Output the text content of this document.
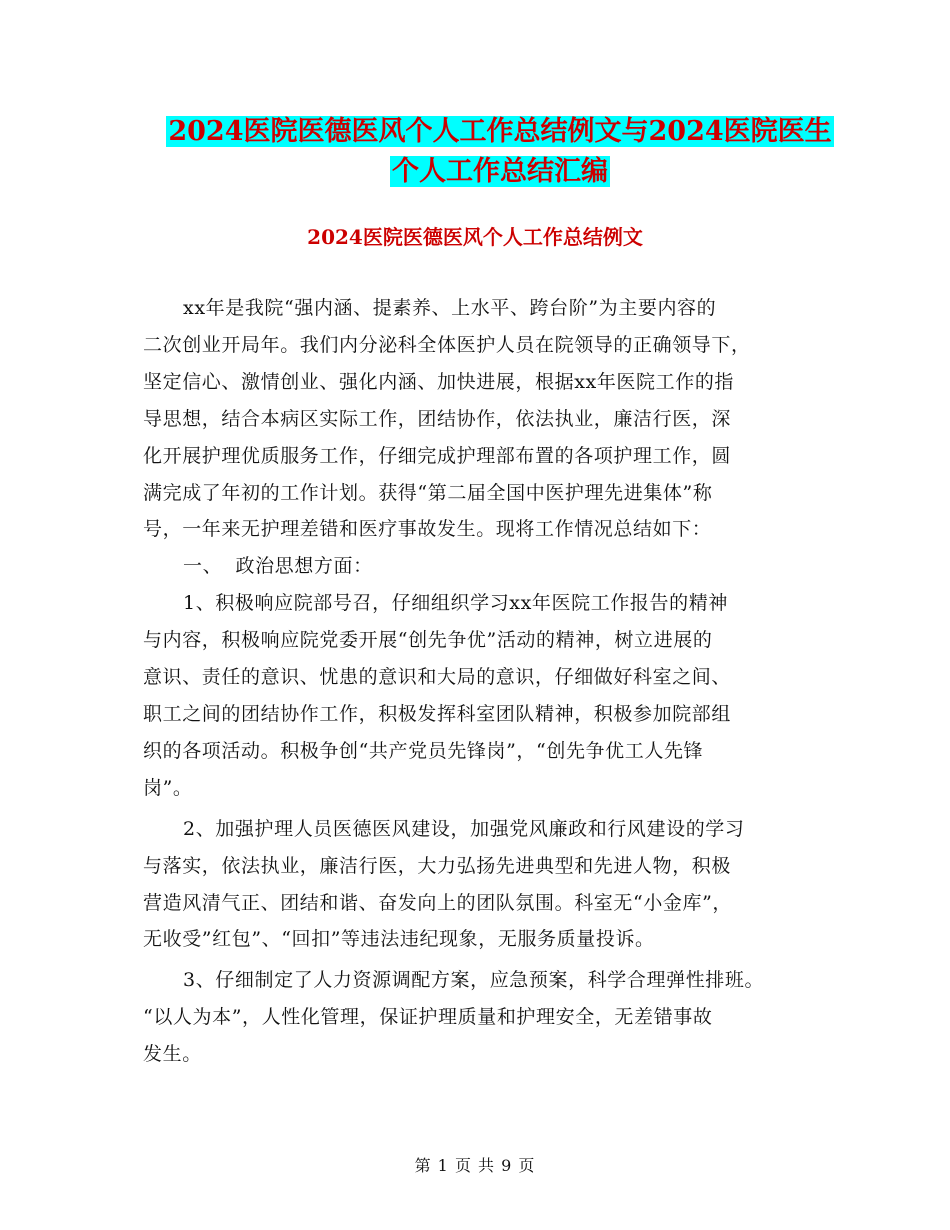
2024医院医德医风个人工作总结例文与2024医院医生
个人工作总结汇编
2024医院医德医风个人工作总结例文
xx年是我院“强内涵、提素养、上水平、跨台阶”为主要内容的
二次创业开局年。我们内分泌科全体医护人员在院领导的正确领导下，
坚定信心、激情创业、强化内涵、加快进展，根据xx年医院工作的指
导思想，结合本病区实际工作，团结协作，依法执业，廉洁行医，深
化开展护理优质服务工作，仔细完成护理部布置的各项护理工作，圆
满完成了年初的工作计划。获得“第二届全国中医护理先进集体”称
号，一年来无护理差错和医疗事故发生。现将工作情况总结如下：
一、  政治思想方面：
1、积极响应院部号召，仔细组织学习xx年医院工作报告的精神
与内容，积极响应院党委开展“创先争优”活动的精神，树立进展的
意识、责任的意识、忧患的意识和大局的意识，仔细做好科室之间、
职工之间的团结协作工作，积极发挥科室团队精神，积极参加院部组
织的各项活动。积极争创“共产党员先锋岗”，“创先争优工人先锋
岗”。
2、加强护理人员医德医风建设，加强党风廉政和行风建设的学习
与落实，依法执业，廉洁行医，大力弘扬先进典型和先进人物，积极
营造风清气正、团结和谐、奋发向上的团队氛围。科室无“小金库”，
无收受”红包”、“回扣”等违法违纪现象，无服务质量投诉。
3、仔细制定了人力资源调配方案，应急预案，科学合理弹性排班。
“以人为本”，人性化管理，保证护理质量和护理安全，无差错事故
发生。
第 1 页 共 9 页
